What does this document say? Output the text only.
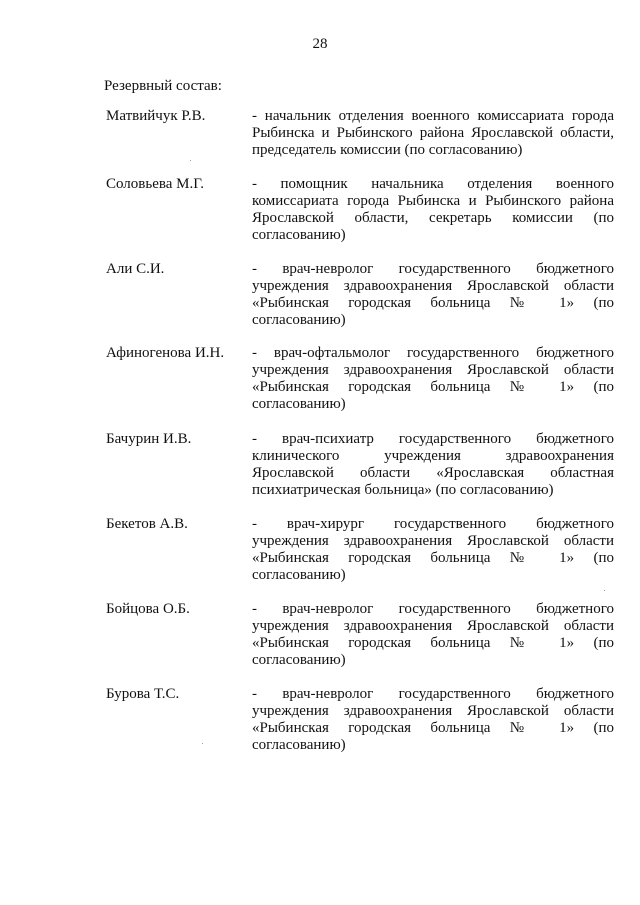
28
Резервный состав:
Матвийчук Р.В.	- начальник отделения военного комиссариата города Рыбинска и Рыбинского района Ярославской области, председатель комиссии (по согласованию)
Соловьева М.Г.	- помощник начальника отделения военного комиссариата города Рыбинска и Рыбинского района Ярославской области, секретарь комиссии (по согласованию)
Али С.И.	- врач-невролог государственного бюджетного учреждения здравоохранения Ярославской области «Рыбинская городская больница № 1» (по согласованию)
Афиногенова И.Н.	- врач-офтальмолог государственного бюджетного учреждения здравоохранения Ярославской области «Рыбинская городская больница № 1» (по согласованию)
Бачурин И.В.	- врач-психиатр государственного бюджетного клинического учреждения здравоохранения Ярославской области «Ярославская областная психиатрическая больница» (по согласованию)
Бекетов А.В.	- врач-хирург государственного бюджетного учреждения здравоохранения Ярославской области «Рыбинская городская больница № 1» (по согласованию)
Бойцова О.Б.	- врач-невролог государственного бюджетного учреждения здравоохранения Ярославской области «Рыбинская городская больница № 1» (по согласованию)
Бурова Т.С.	- врач-невролог государственного бюджетного учреждения здравоохранения Ярославской области «Рыбинская городская больница № 1» (по согласованию)
